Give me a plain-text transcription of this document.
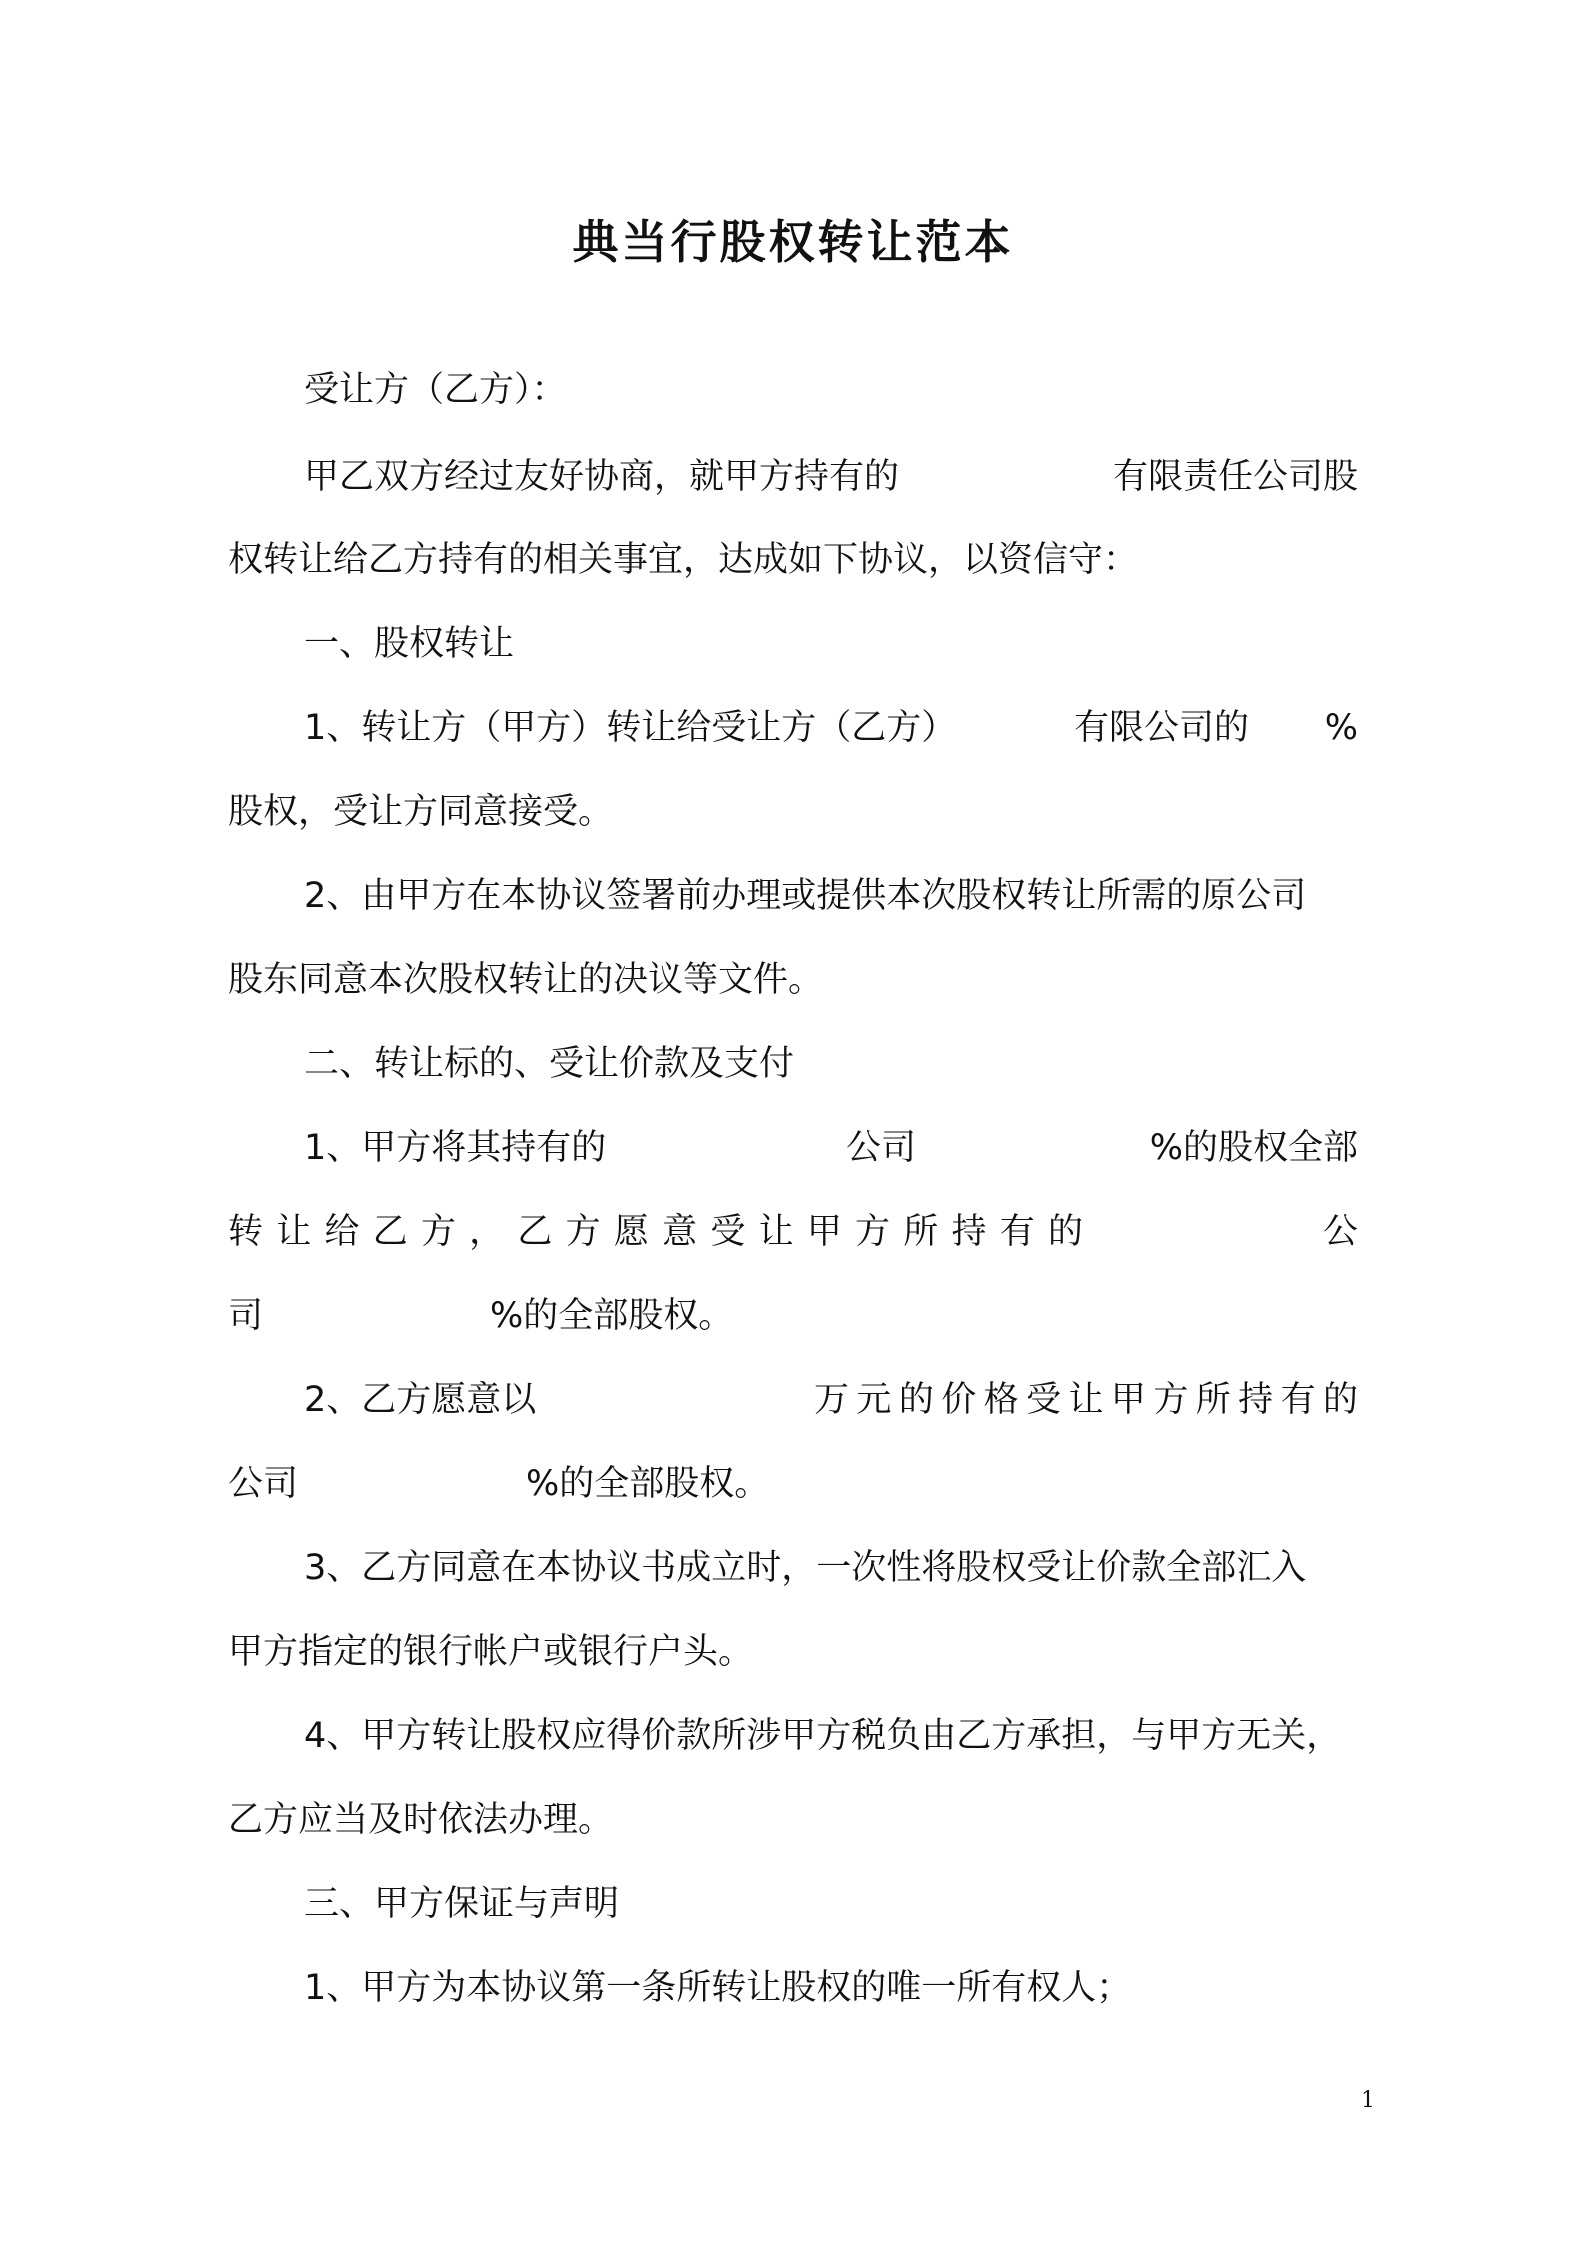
典当行股权转让范本
受让方（乙方）：
甲乙双方经过友好协商，就甲方持有的	有限责任公司股
权转让给乙方持有的相关事宜，达成如下协议，以资信守：
一、股权转让
1、转让方（甲方）转让给受让方（乙方）	有限公司的 %
股权，受让方同意接受。
2、由甲方在本协议签署前办理或提供本次股权转让所需的原公司
股东同意本次股权转让的决议等文件。
二、转让标的、受让价款及支付
1、甲方将其持有的	公司	%的股权全部
转让给乙方，乙方愿意受让甲方所持有的	公
司	%的全部股权。
2、乙方愿意以	万元的价格受让甲方所持有的
公司	%的全部股权。
3、乙方同意在本协议书成立时，一次性将股权受让价款全部汇入
甲方指定的银行帐户或银行户头。
4、甲方转让股权应得价款所涉甲方税负由乙方承担，与甲方无关，
乙方应当及时依法办理。
三、甲方保证与声明
1、甲方为本协议第一条所转让股权的唯一所有权人；
1
